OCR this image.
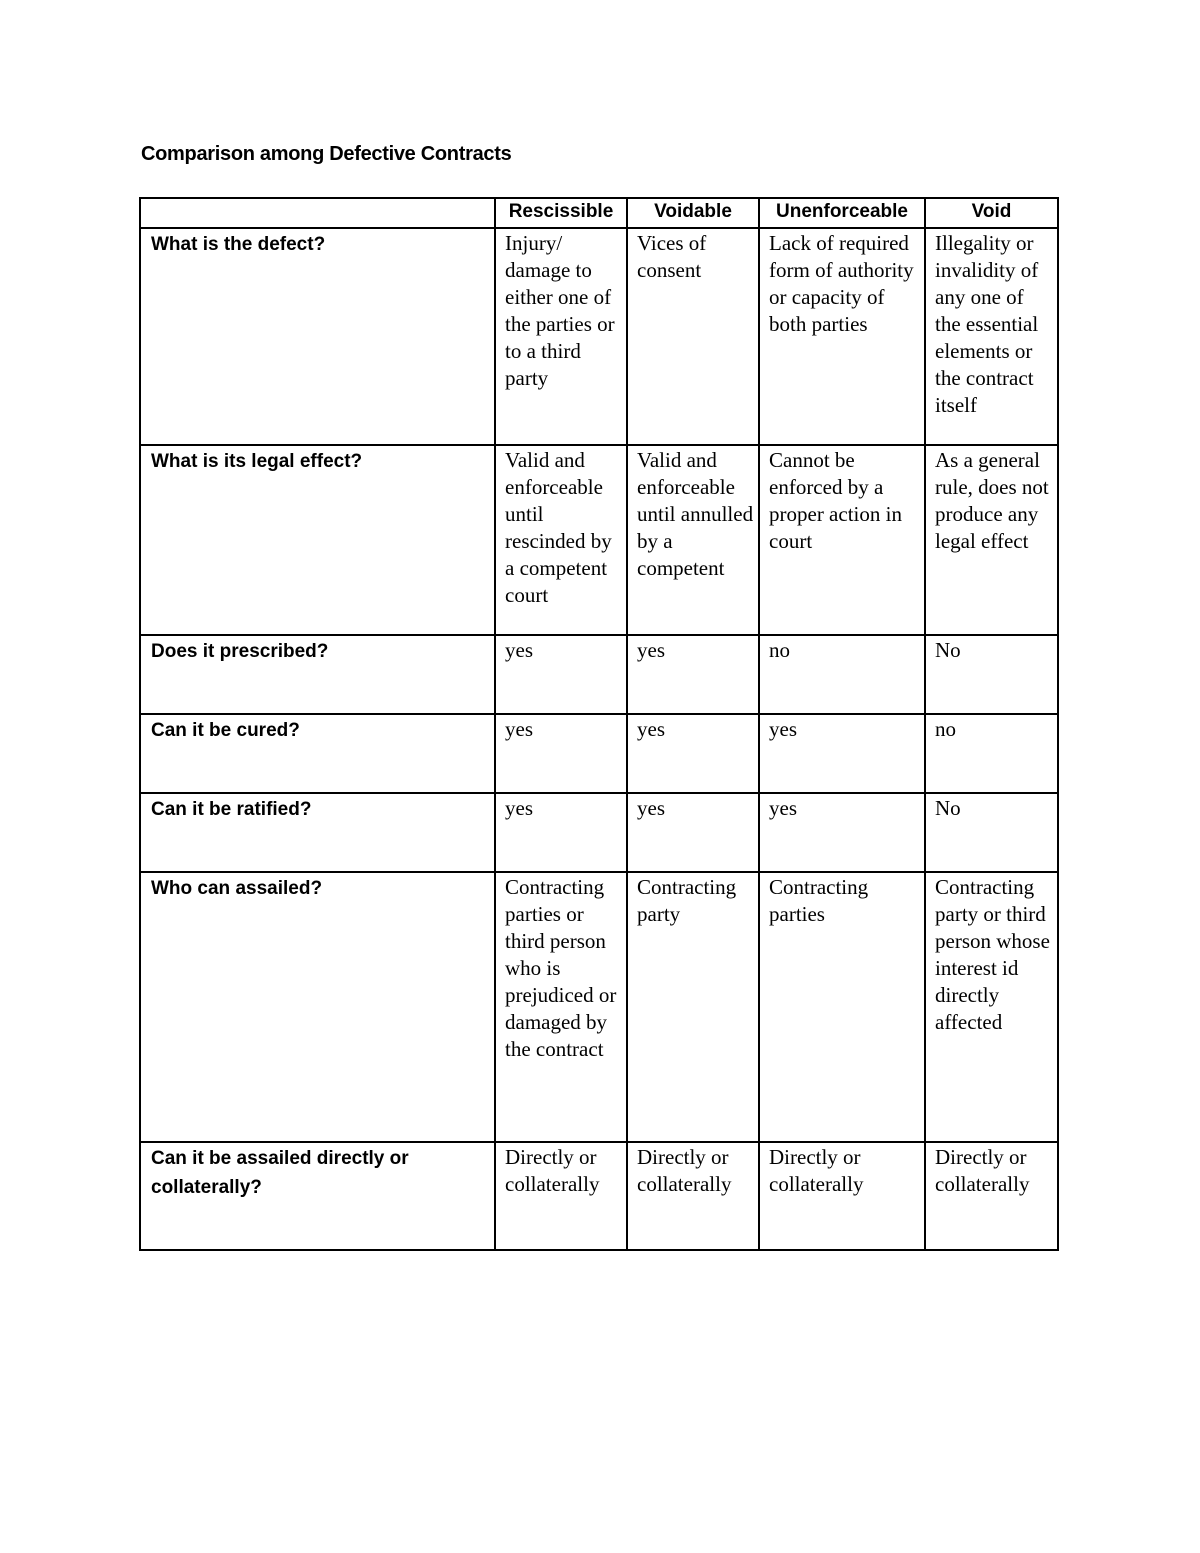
Comparison among Defective Contracts
	Rescissible	Voidable	Unenforceable	Void
What is the defect?	Injury/ damage to either one of the parties or to a third party	Vices of consent	Lack of required form of authority or capacity of both parties	Illegality or invalidity of any one of the essential elements or the contract itself
What is its legal effect?	Valid and enforceable until rescinded by a competent court	Valid and enforceable until annulled by a competent	Cannot be enforced by a proper action in court	As a general rule, does not produce any legal effect
Does it prescribed?	yes	yes	no	No
Can it be cured?	yes	yes	yes	no
Can it be ratified?	yes	yes	yes	No
Who can assailed?	Contracting parties or third person who is prejudiced or damaged by the contract	Contracting party	Contracting parties	Contracting party or third person whose interest id directly affected
Can it be assailed directly or collaterally?	Directly or collaterally	Directly or collaterally	Directly or collaterally	Directly or collaterally
